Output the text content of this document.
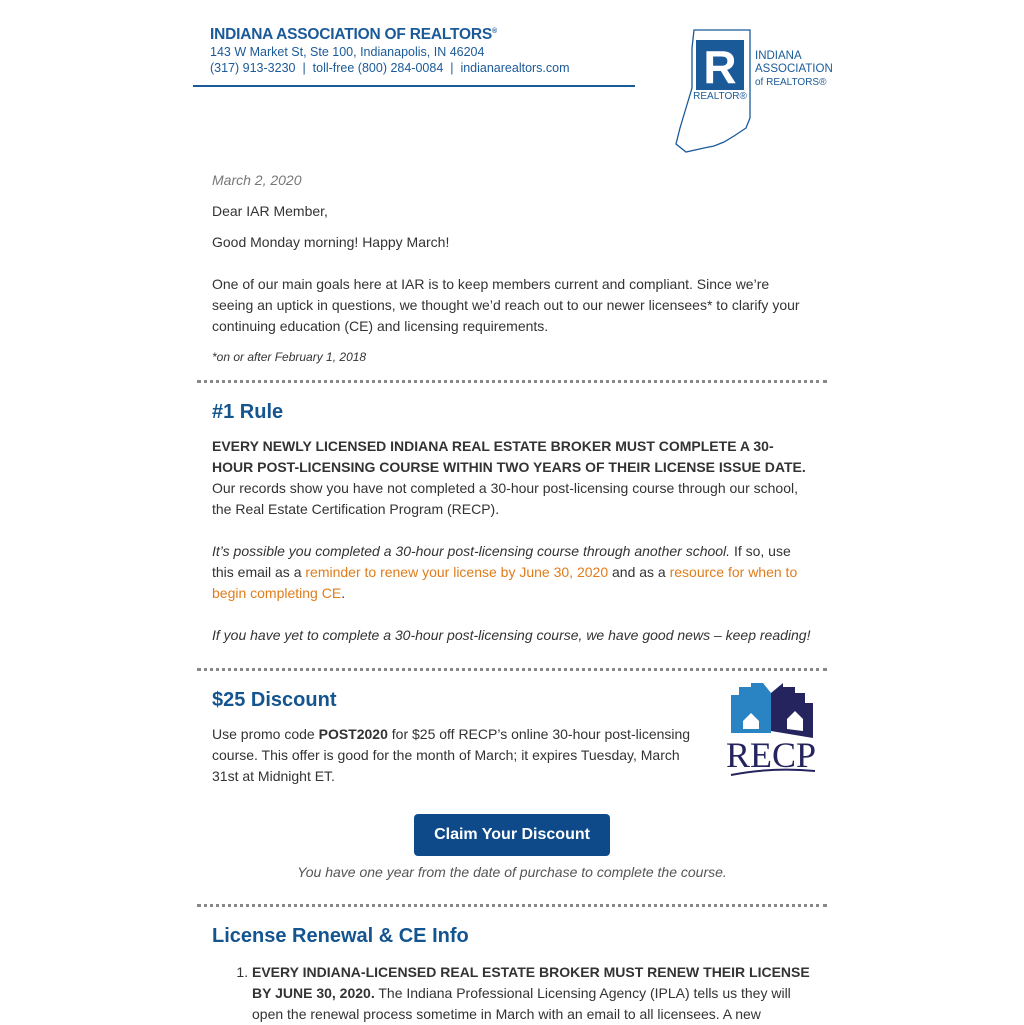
INDIANA ASSOCIATION OF REALTORS®
143 W Market St, Ste 100, Indianapolis, IN 46204
(317) 913-3230 | toll-free (800) 284-0084 | indianarealtors.com	R
REALTOR®
INDIANA
ASSOCIATION
of REALTORS®

March 2, 2020

Dear IAR Member,

Good Monday morning! Happy March!

One of our main goals here at IAR is to keep members current and compliant. Since we’re seeing an uptick in questions, we thought we’d reach out to our newer licensees* to clarify your continuing education (CE) and licensing requirements.

*on or after February 1, 2018

#1 Rule

EVERY NEWLY LICENSED INDIANA REAL ESTATE BROKER MUST COMPLETE A 30-HOUR POST-LICENSING COURSE WITHIN TWO YEARS OF THEIR LICENSE ISSUE DATE. Our records show you have not completed a 30-hour post-licensing course through our school, the Real Estate Certification Program (RECP).

It’s possible you completed a 30-hour post-licensing course through another school. If so, use this email as a reminder to renew your license by June 30, 2020 and as a resource for when to begin completing CE.

If you have yet to complete a 30-hour post-licensing course, we have good news – keep reading!

$25 Discount

Use promo code POST2020 for $25 off RECP’s online 30-hour post-licensing course. This offer is good for the month of March; it expires Tuesday, March 31st at Midnight ET.

RECP
Claim Your Discount

You have one year from the date of purchase to complete the course.

License Renewal & CE Info
1. EVERY INDIANA-LICENSED REAL ESTATE BROKER MUST RENEW THEIR LICENSE BY JUNE 30, 2020. The Indiana Professional Licensing Agency (IPLA) tells us they will open the renewal process sometime in March with an email to all licensees. A new
